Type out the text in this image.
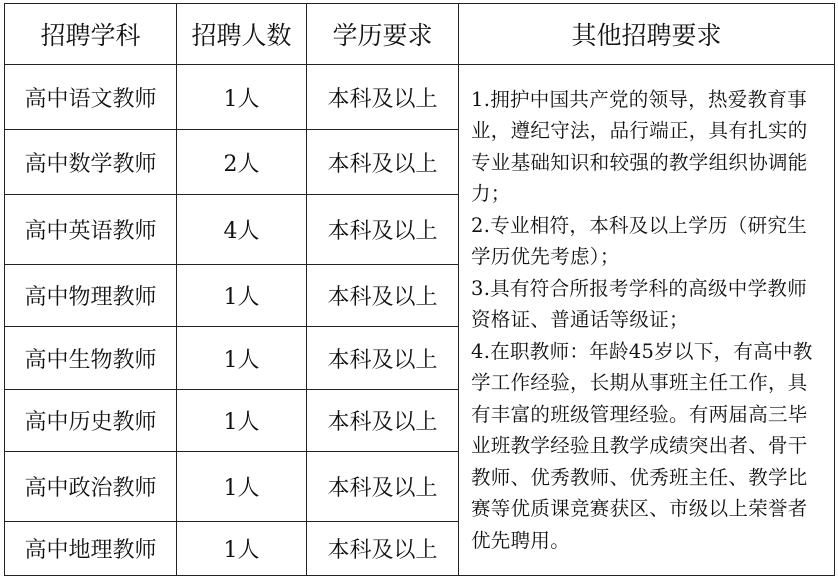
招聘学科	招聘人数	学历要求	其他招聘要求
高中语文教师	1人	本科及以上	1.拥护中国共产党的领导，热爱教育事业，遵纪守法，品行端正，具有扎实的专业基础知识和较强的教学组织协调能力；
2.专业相符，本科及以上学历（研究生学历优先考虑）；
3.具有符合所报考学科的高级中学教师资格证、普通话等级证；
4.在职教师：年龄45岁以下，有高中教学工作经验，长期从事班主任工作，具有丰富的班级管理经验。有两届高三毕业班教学经验且教学成绩突出者、骨干教师、优秀教师、优秀班主任、教学比赛等优质课竞赛获区、市级以上荣誉者优先聘用。

高中数学教师	2人	本科及以上	
高中英语教师	4人	本科及以上	
高中物理教师	1人	本科及以上	
高中生物教师	1人	本科及以上	
高中历史教师	1人	本科及以上	
高中政治教师	1人	本科及以上	
高中地理教师	1人	本科及以上	
